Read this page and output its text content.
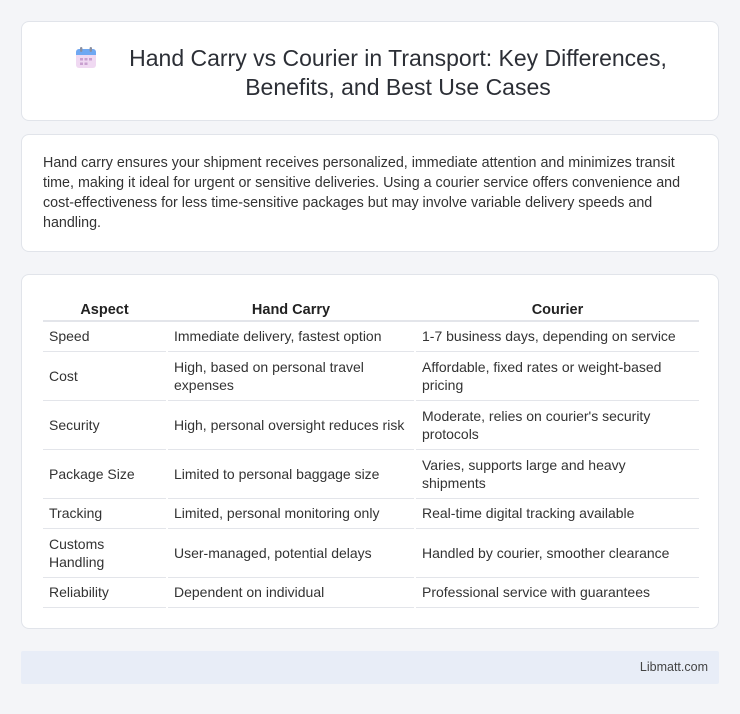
Hand Carry vs Courier in Transport: Key Differences, Benefits, and Best Use Cases

Hand carry ensures your shipment receives personalized, immediate attention and minimizes transit time, making it ideal for urgent or sensitive deliveries. Using a courier service offers convenience and cost-effectiveness for less time-sensitive packages but may involve variable delivery speeds and handling.

Aspect	Hand Carry	Courier
Speed	Immediate delivery, fastest option	1-7 business days, depending on service
Cost	High, based on personal travel expenses	Affordable, fixed rates or weight-based pricing
Security	High, personal oversight reduces risk	Moderate, relies on courier's security protocols
Package Size	Limited to personal baggage size	Varies, supports large and heavy shipments
Tracking	Limited, personal monitoring only	Real-time digital tracking available
Customs Handling	User-managed, potential delays	Handled by courier, smoother clearance
Reliability	Dependent on individual	Professional service with guarantees
Libmatt.com
